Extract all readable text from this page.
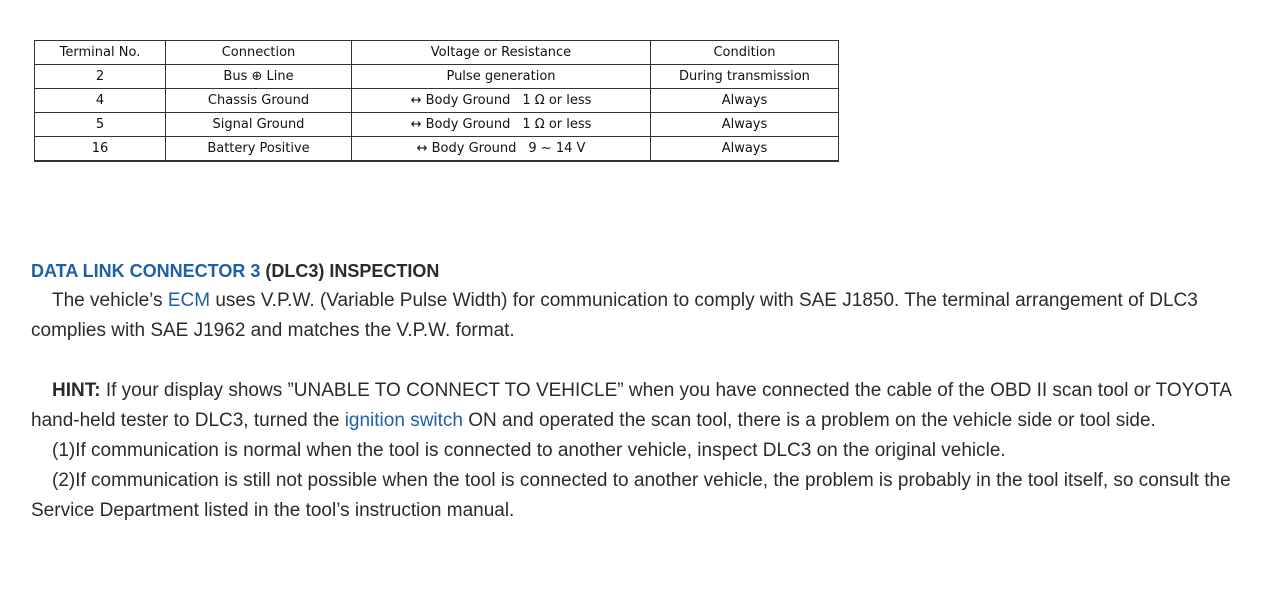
Terminal No.	Connection	Voltage or Resistance	Condition
2	Bus ⊕ Line	Pulse generation	During transmission
4	Chassis Ground	↔ Body Ground 1 Ω or less	Always
5	Signal Ground	↔ Body Ground 1 Ω or less	Always
16	Battery Positive	↔ Body Ground 9 ~ 14 V	Always
DATA LINK CONNECTOR 3 (DLC3) INSPECTION

The vehicle’s ECM uses V.P.W. (Variable Pulse Width) for communication to comply with SAE J1850. The terminal arrangement of DLC3 complies with SAE J1962 and matches the V.P.W. format.

HINT: If your display shows ”UNABLE TO CONNECT TO VEHICLE” when you have connected the cable of the OBD II scan tool or TOYOTA hand-held tester to DLC3, turned the ignition switch ON and operated the scan tool, there is a problem on the vehicle side or tool side.

(1)If communication is normal when the tool is connected to another vehicle, inspect DLC3 on the original vehicle.

(2)If communication is still not possible when the tool is connected to another vehicle, the problem is probably in the tool itself, so consult the Service Department listed in the tool’s instruction manual.
